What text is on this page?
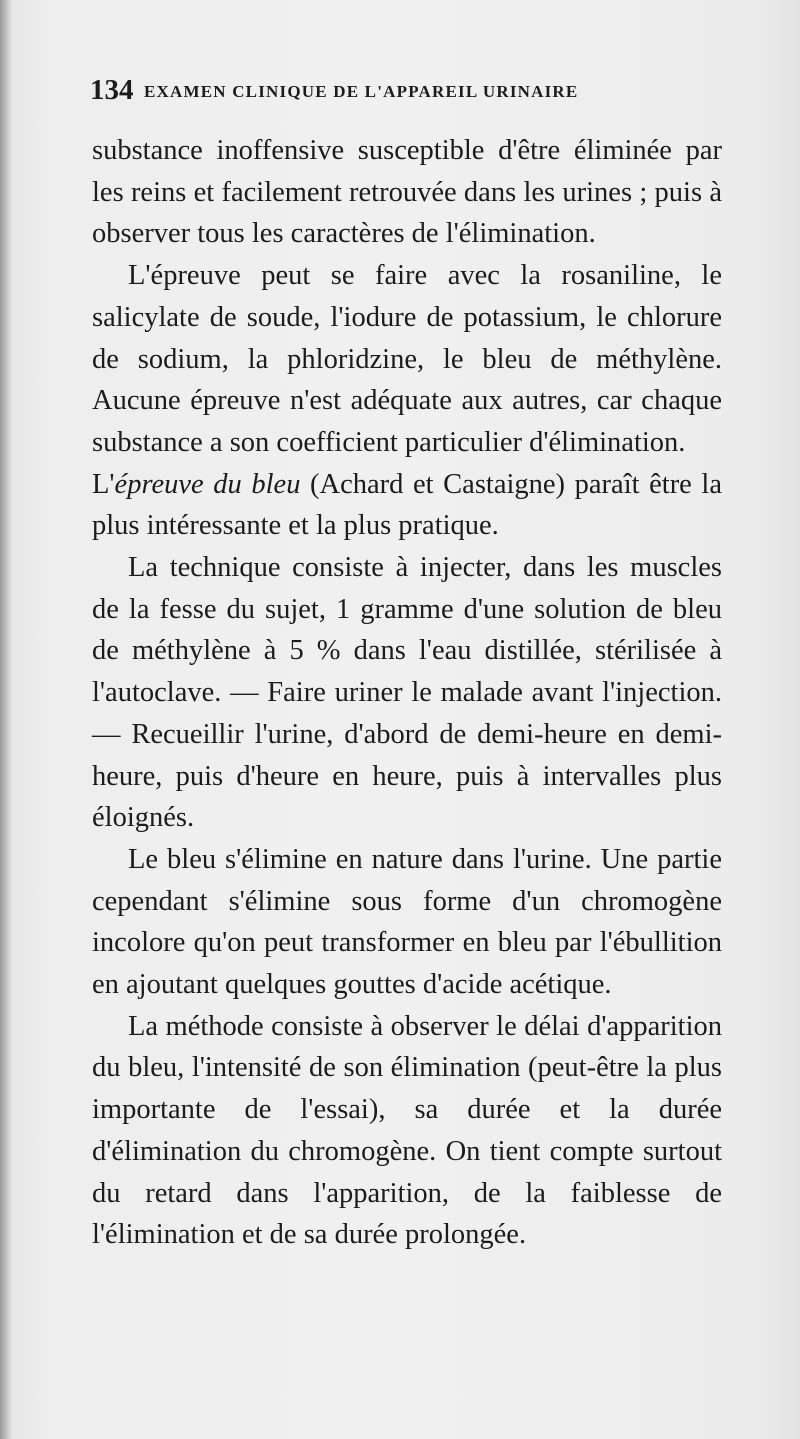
134 EXAMEN CLINIQUE DE L'APPAREIL URINAIRE

substance inoffensive susceptible d'être éliminée par les reins et facilement retrouvée dans les urines ; puis à observer tous les caractères de l'élimination.

L'épreuve peut se faire avec la rosaniline, le salicylate de soude, l'iodure de potassium, le chlorure de sodium, la phloridzine, le bleu de méthylène. Aucune épreuve n'est adéquate aux autres, car chaque substance a son coefficient particulier d'élimination.

L'épreuve du bleu (Achard et Castaigne) paraît être la plus intéressante et la plus pratique.

La technique consiste à injecter, dans les muscles de la fesse du sujet, 1 gramme d'une solution de bleu de méthylène à 5 % dans l'eau distillée, stérilisée à l'autoclave. — Faire uriner le malade avant l'injection. — Recueillir l'urine, d'abord de demi-heure en demi-heure, puis d'heure en heure, puis à intervalles plus éloignés.

Le bleu s'élimine en nature dans l'urine. Une partie cependant s'élimine sous forme d'un chromogène incolore qu'on peut transformer en bleu par l'ébullition en ajoutant quelques gouttes d'acide acétique.

La méthode consiste à observer le délai d'apparition du bleu, l'intensité de son élimination (peut-être la plus importante de l'essai), sa durée et la durée d'élimination du chromogène. On tient compte surtout du retard dans l'apparition, de la faiblesse de l'élimination et de sa durée prolongée.
